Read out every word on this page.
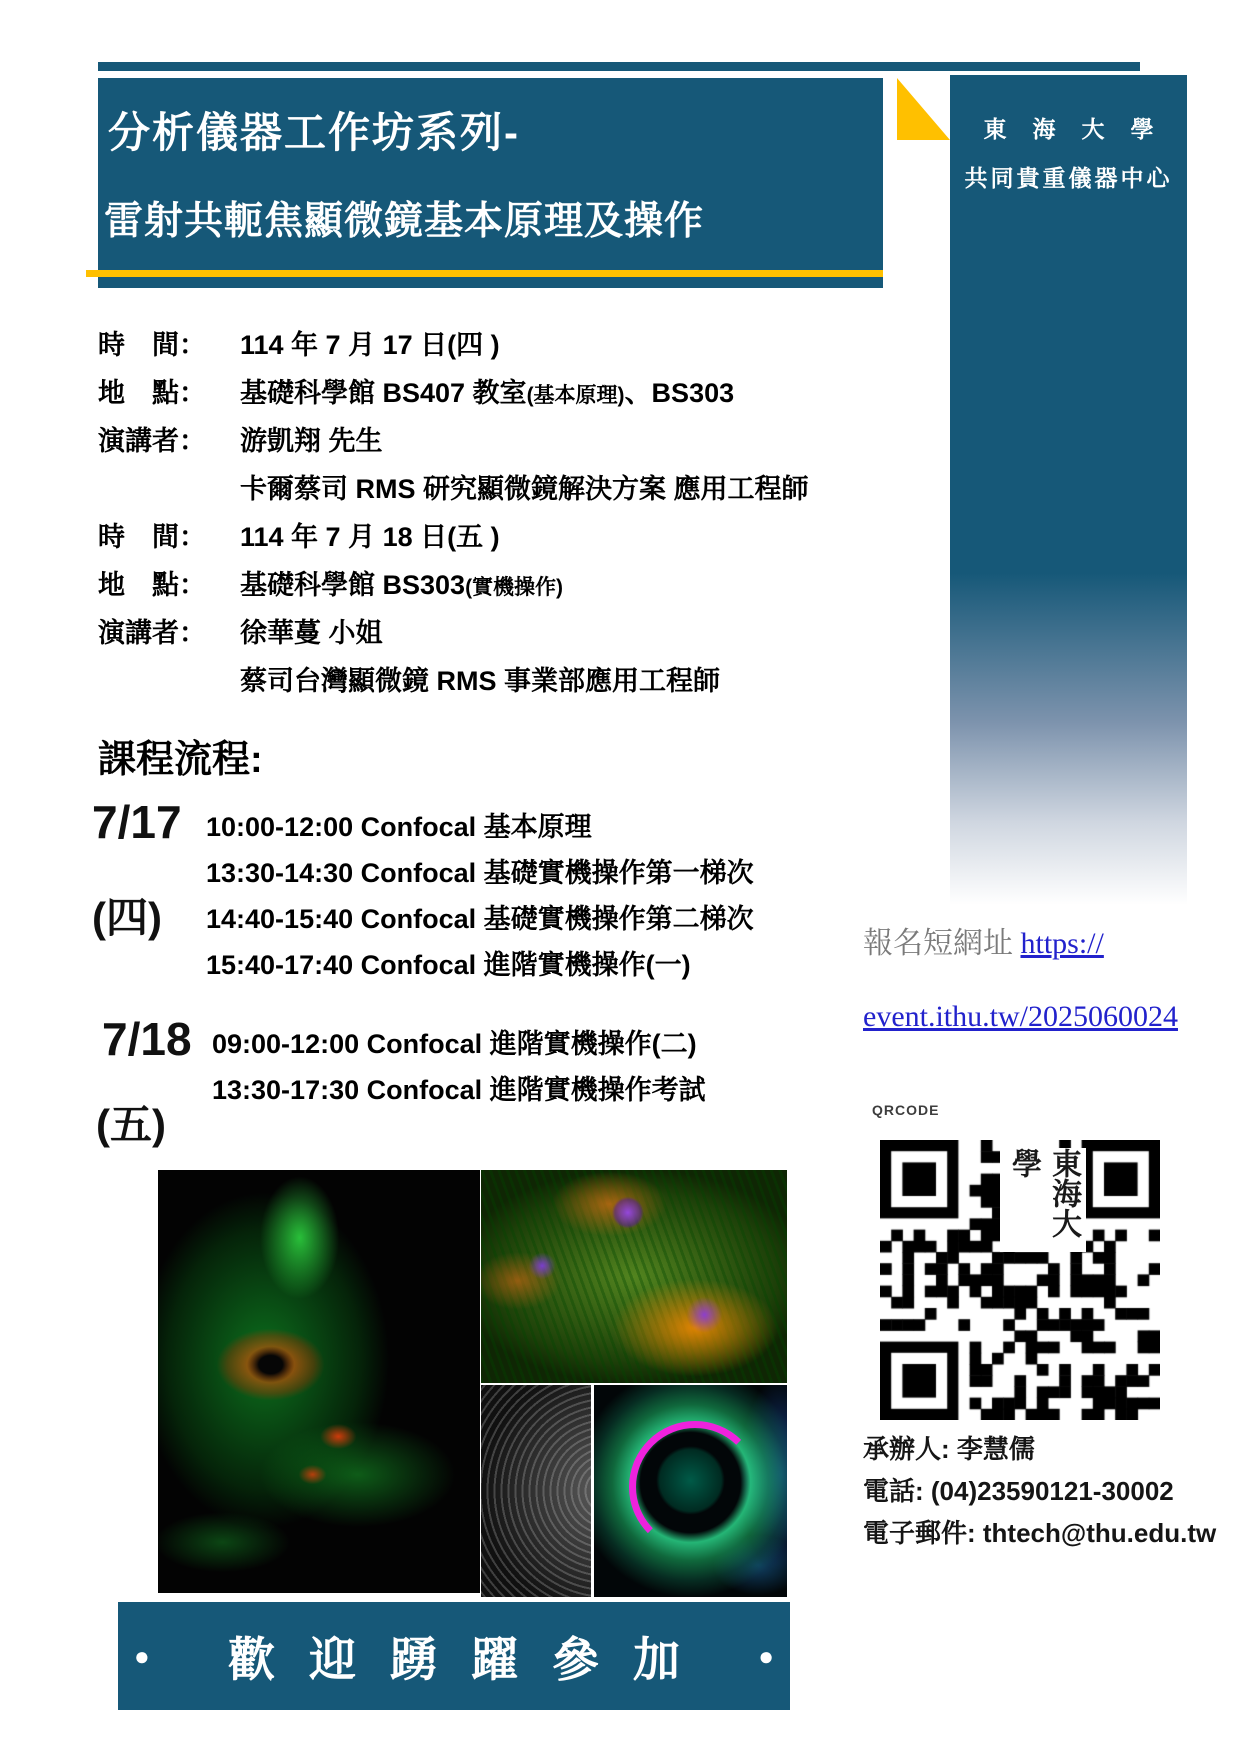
分析儀器工作坊系列-
雷射共軛焦顯微鏡基本原理及操作
東海大學
共同貴重儀器中心
時　間：	114 年 7 月 17 日(四 )
地　點：	基礎科學館 BS407 教室(基本原理)、BS303
演講者：	游凱翔 先生
卡爾蔡司 RMS 研究顯微鏡解決方案 應用工程師
時　間：	114 年 7 月 18 日(五 )
地　點：	基礎科學館 BS303(實機操作)
演講者：	徐華蔓 小姐
蔡司台灣顯微鏡 RMS 事業部應用工程師
課程流程:
7/17
(四)
10:00-12:00 Confocal 基本原理
13:30-14:30 Confocal 基礎實機操作第一梯次
14:40-15:40 Confocal 基礎實機操作第二梯次
15:40-17:40 Confocal 進階實機操作(一)
7/18
(五)
09:00-12:00 Confocal 進階實機操作(二)
13:30-17:30 Confocal 進階實機操作考試
報名短網址 https://
event.ithu.tw/2025060024
QRCODE
東海大學
承辦人: 李慧儒
電話: (04)23590121-30002
電子郵件: thtech@thu.edu.tw
●	歡迎踴躍參加 ●
